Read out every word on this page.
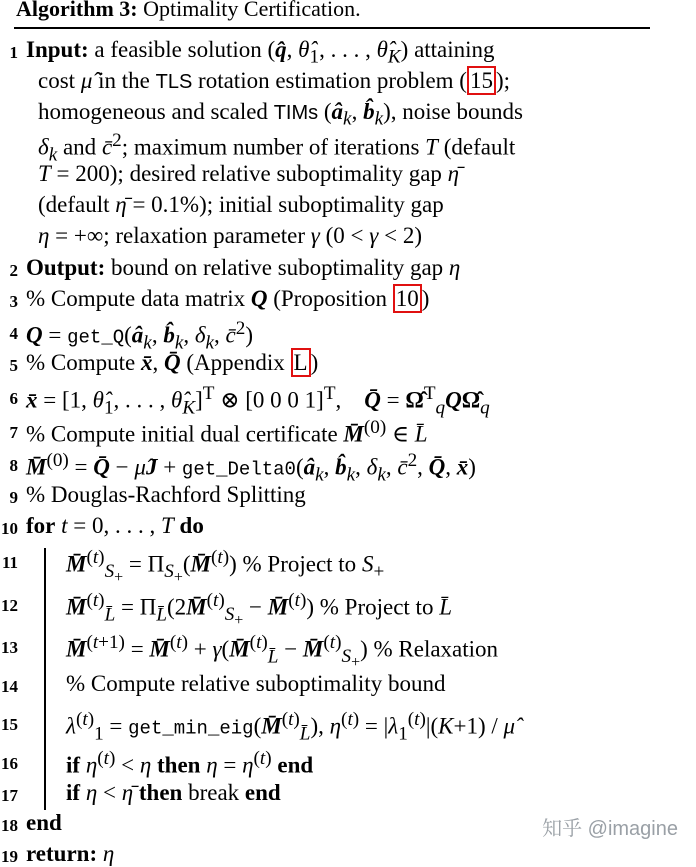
Algorithm 3: Optimality Certification.
1 Input: a feasible solution (q̂, $\thetâ_1$, . . . , $\thetâ_K$) attaining
cost μ̂ in the TLS rotation estimation problem ( 15 );
homogeneous and scaled TIMs ($â_k$, $b̂_k$), noise bounds
$\delta_k$ and c̄$^2$; maximum number of iterations T (default
T = 200); desired relative suboptimality gap η̄
(default η̄ = 0.1%); initial suboptimality gap
η = +∞; relaxation parameter γ (0 < γ < 2)
2 Output: bound on relative suboptimality gap η
3 % Compute data matrix Q (Proposition 10 )
4 $Q = get\_Q(â_k$, $b̂_k$, $\delta_k$, c̄$^2$)
5 % Compute x̄, Q̄ (Appendix L )
6 x̄ = [1, $\thetâ_1$, . . . , $\thetâ_K]^T$ ⊗ [0 0 0 1]$^T$,    Q̄ = $\Omegâ^T_qQ\Omegâ_q$
7 % Compute initial dual certificate M̄$^{(0)}$ ∈ L̄
8 M̄$^{(0)}$ = Q̄ − μ̂J + $get\_Delta0(â_k$, $b̂_k$, $\delta_k$, c̄$^2$, Q̄, x̄)
9 % Douglas-Rachford Splitting
10 for t = 0, . . . , T do
11 M̄$^{(t)}_{S_+}$ = $\Pi_{S_+}(M̄^{(t)})$ % Project to $S_+$
12 M̄$^{(t)}_{L̄}$ = $\Pi_{L̄}(2M̄^{(t)}_{S_+}$ − M̄$^{(t)}$) % Project to L̄
13 M̄$^{(t+1)}$ = M̄$^{(t)}$ + γ(M̄$^{(t)}_{L̄}$ − M̄$^{(t)}_{S_+}$) % Relaxation
14 % Compute relative suboptimality bound
15 $\lambda^{(t)}_1$ = get_min_eig(M̄$^{(t)}_{L̄}$), $\eta^{(t)} = |\lambda_1^{(t)}|(K+1)$ / μ̂
16 if $\eta^{(t)} < \eta$ then $\eta = \eta^{(t)}$ end
17 if η < η̄ then break end
18 end
19 return: η
知乎 @imagine
